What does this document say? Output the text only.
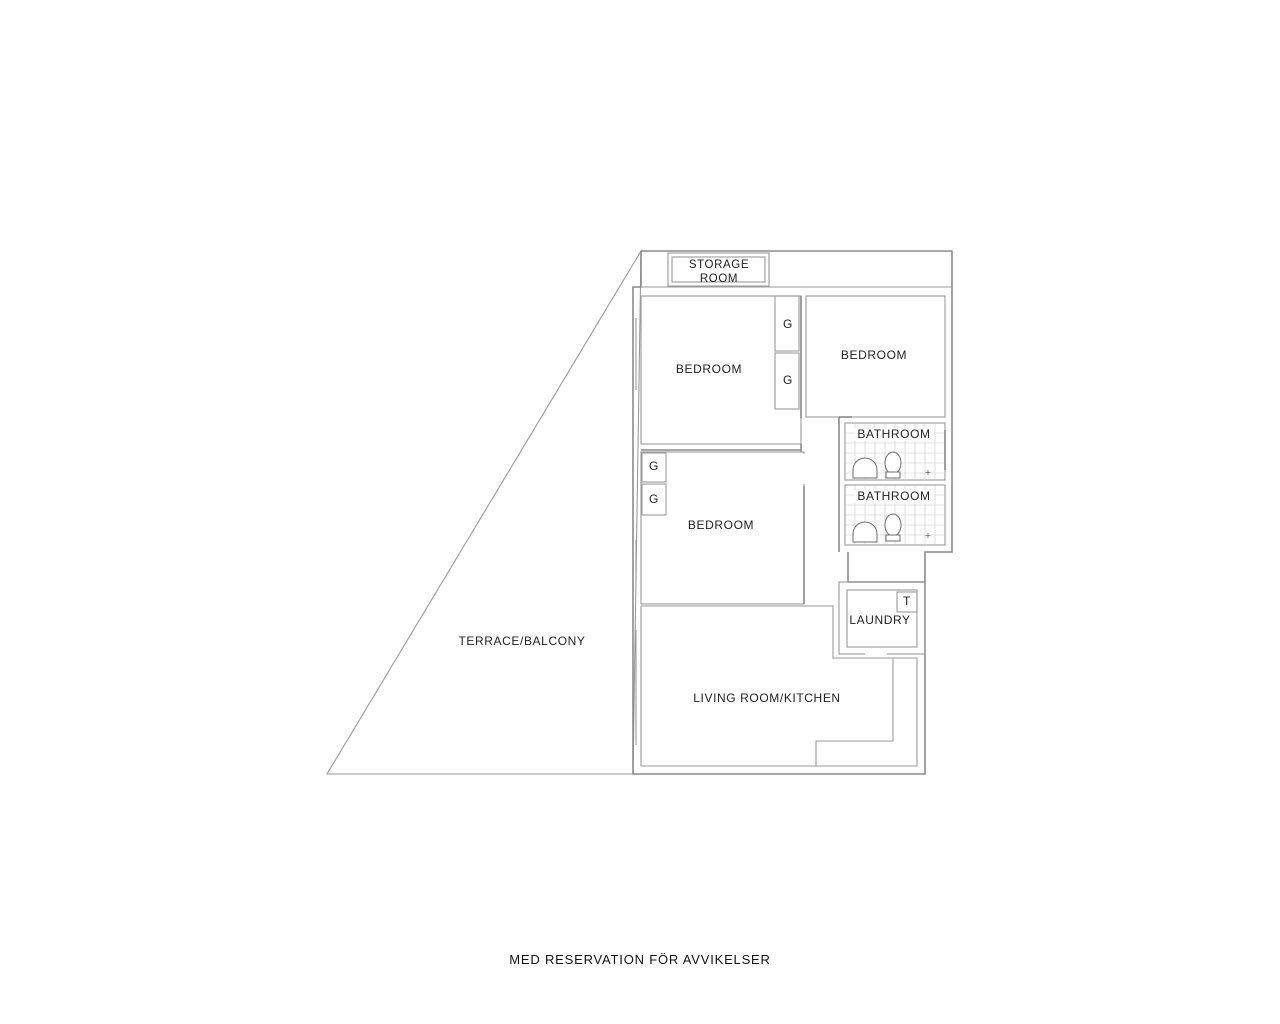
STORAGE
ROOM
G
G
BEDROOM
BEDROOM
BATHROOM
+
BATHROOM
+
G
G
BEDROOM
T
LAUNDRY
LIVING ROOM/KITCHEN
TERRACE/BALCONY
MED RESERVATION FÖR AVVIKELSER
